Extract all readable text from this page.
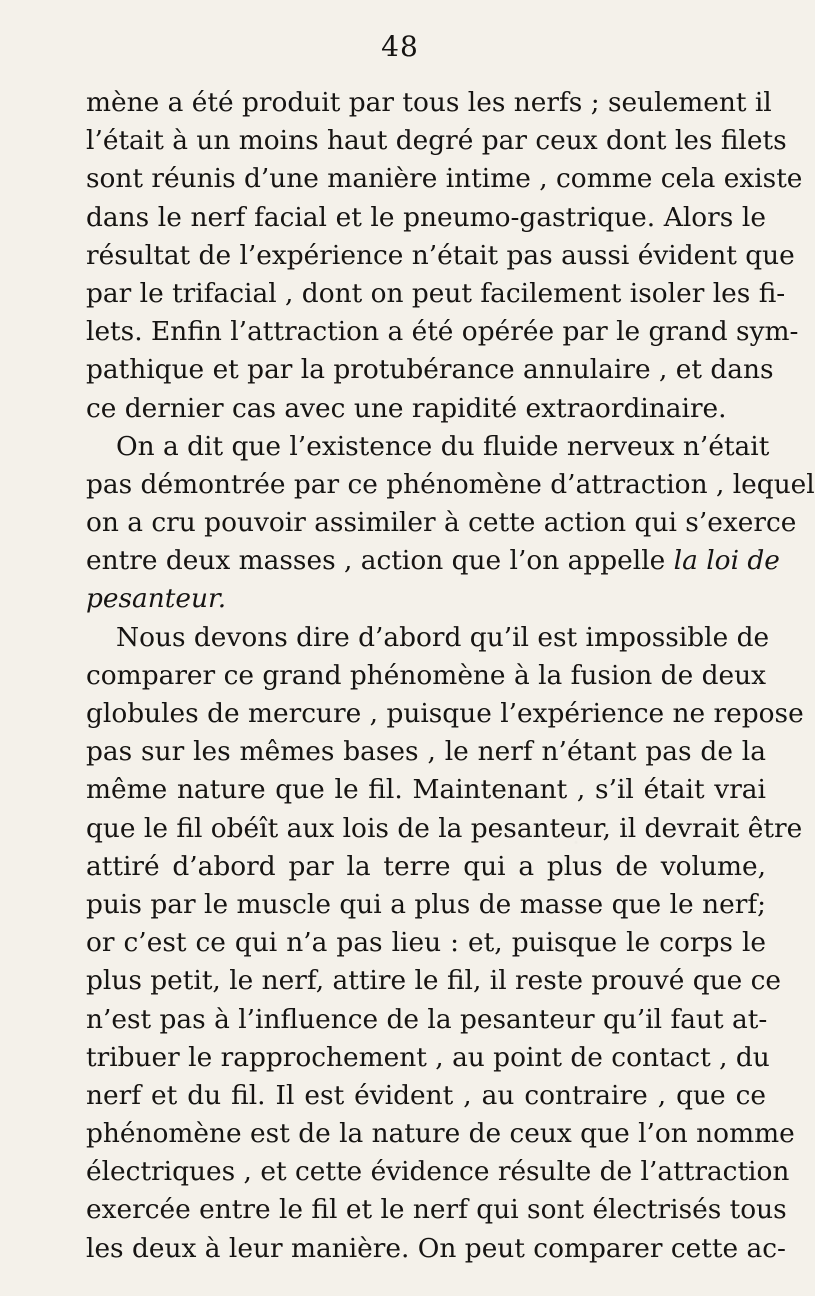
48
mène a été produit par tous les nerfs ; seulement il
l’était à un moins haut degré par ceux dont les filets
sont réunis d’une manière intime , comme cela existe
dans le nerf facial et le pneumo-gastrique. Alors le
résultat de l’expérience n’était pas aussi évident que
par le trifacial , dont on peut facilement isoler les fi-
lets. Enfin l’attraction a été opérée par le grand sym-
pathique et par la protubérance annulaire , et dans
ce dernier cas avec une rapidité extraordinaire.
On a dit que l’existence du fluide nerveux n’était
pas démontrée par ce phénomène d’attraction , lequel
on a cru pouvoir assimiler à cette action qui s’exerce
entre deux masses , action que l’on appelle la loi de
pesanteur.
Nous devons dire d’abord qu’il est impossible de
comparer ce grand phénomène à la fusion de deux
globules de mercure , puisque l’expérience ne repose
pas sur les mêmes bases , le nerf n’étant pas de la
même nature que le fil. Maintenant , s’il était vrai
que le fil obéît aux lois de la pesanteur, il devrait être
attiré d’abord par la terre qui a plus de volume,
puis par le muscle qui a plus de masse que le nerf;
or c’est ce qui n’a pas lieu : et, puisque le corps le
plus petit, le nerf, attire le fil, il reste prouvé que ce
n’est pas à l’influence de la pesanteur qu’il faut at-
tribuer le rapprochement , au point de contact , du
nerf et du fil. Il est évident , au contraire , que ce
phénomène est de la nature de ceux que l’on nomme
électriques , et cette évidence résulte de l’attraction
exercée entre le fil et le nerf qui sont électrisés tous
les deux à leur manière. On peut comparer cette ac-
